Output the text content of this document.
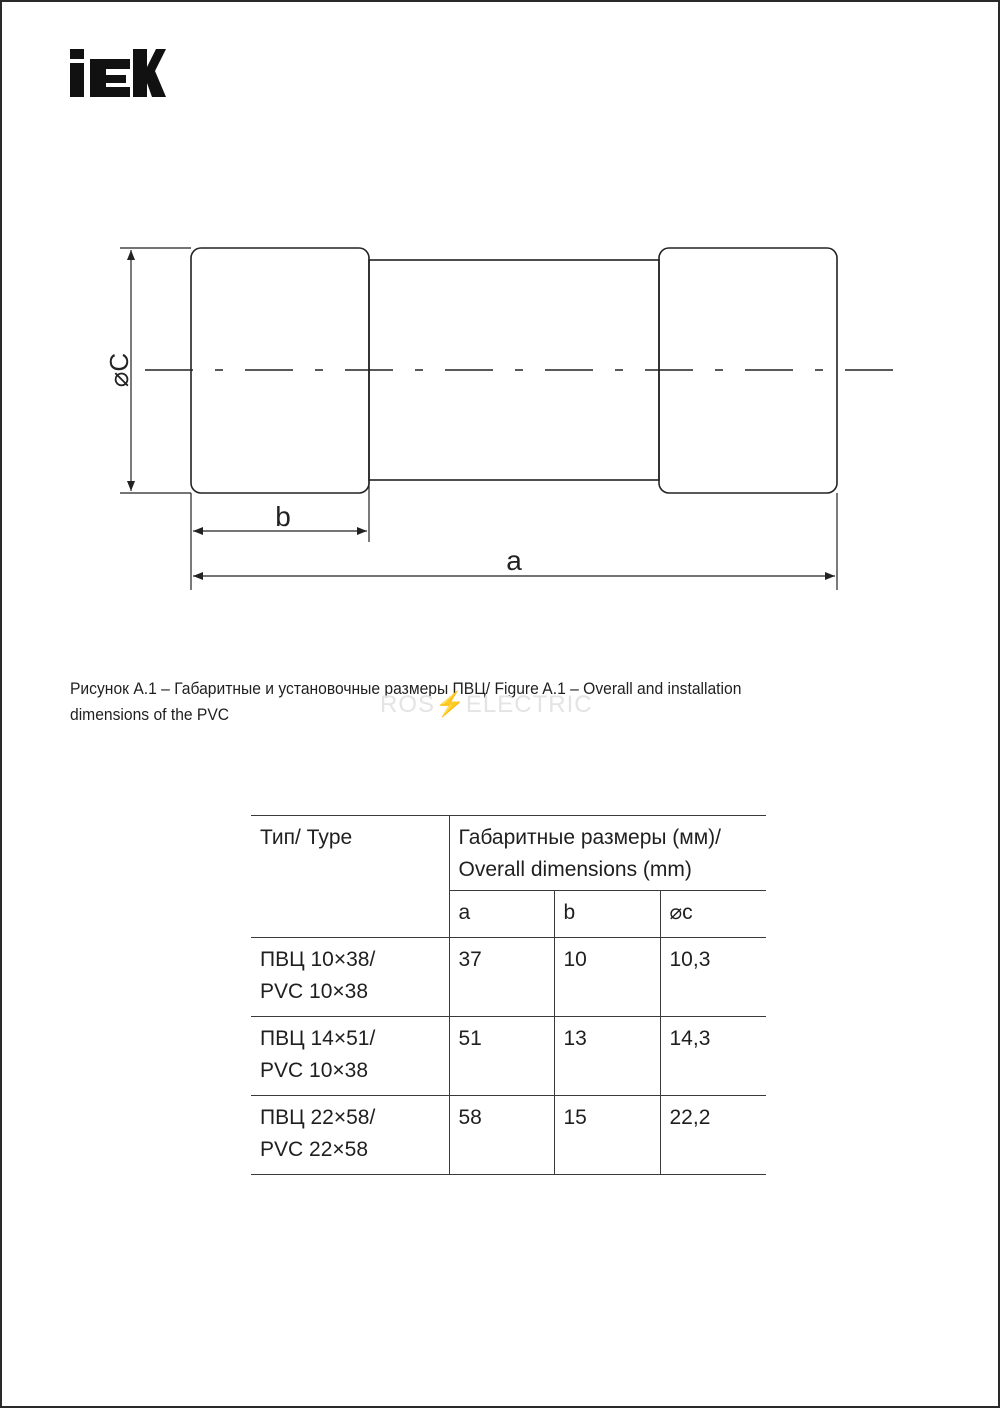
⌀C
b
a
Рисунок А.1 – Габаритные и установочные размеры ПВЦ/ Figure A.1 – Overall and installation
dimensions of the PVC	ROS⚡ELECTRIC
Тип/ Type	Габаритные размеры (мм)/
Overall dimensions (mm)		
	a	b	⌀c
ПВЦ 10×38/
PVC 10×38	37	10	10,3
ПВЦ 14×51/
PVC 10×38	51	13	14,3
ПВЦ 22×58/
PVC 22×58	58	15	22,2
